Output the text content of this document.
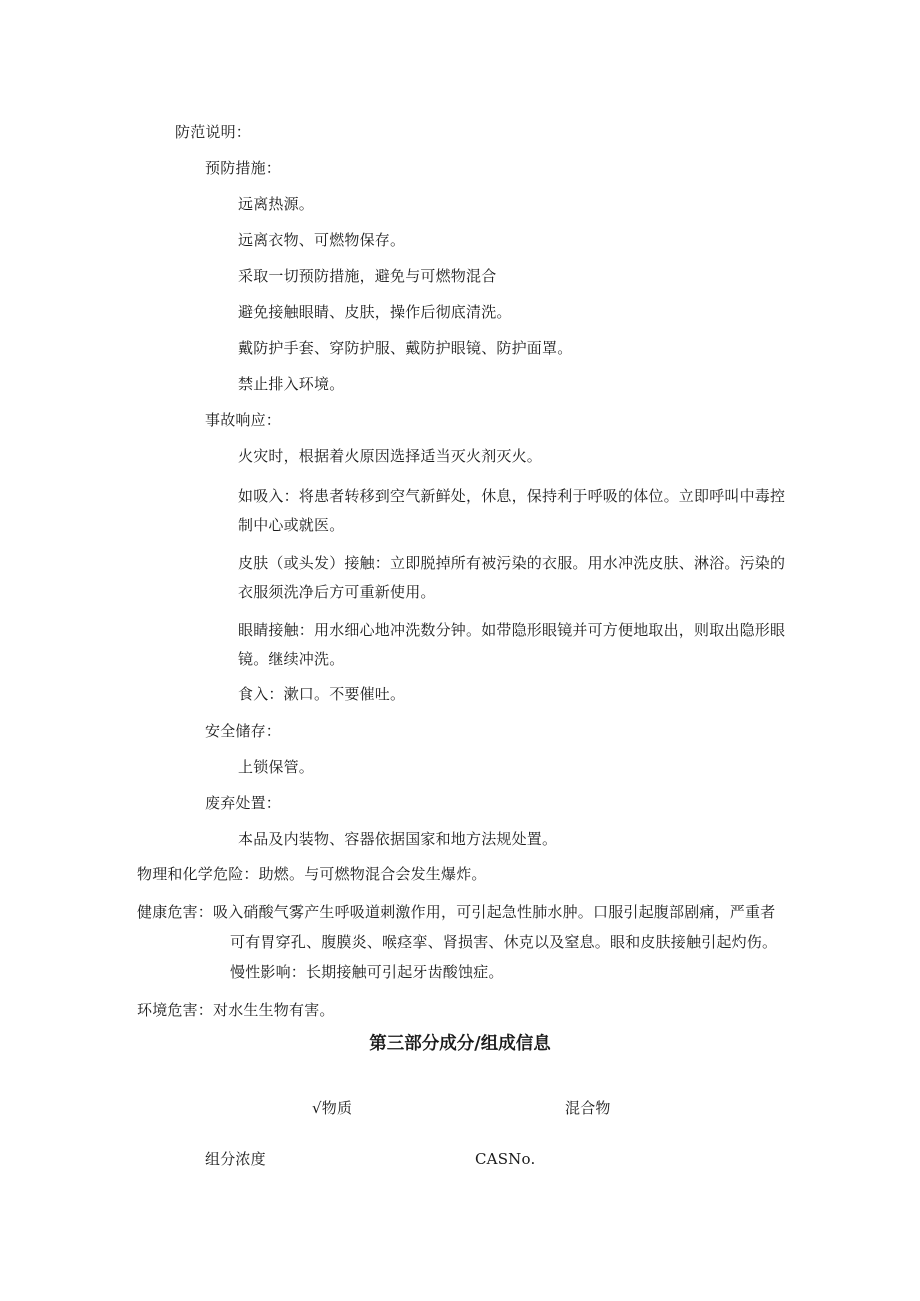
防范说明：
预防措施：
远离热源。
远离衣物、可燃物保存。
采取一切预防措施，避免与可燃物混合
避免接触眼睛、皮肤，操作后彻底清洗。
戴防护手套、穿防护服、戴防护眼镜、防护面罩。
禁止排入环境。
事故响应：
火灾时，根据着火原因选择适当灭火剂灭火。
如吸入：将患者转移到空气新鲜处，休息，保持利于呼吸的体位。立即呼叫中毒控制中心或就医。
皮肤（或头发）接触：立即脱掉所有被污染的衣服。用水冲洗皮肤、淋浴。污染的衣服须洗净后方可重新使用。
眼睛接触：用水细心地冲洗数分钟。如带隐形眼镜并可方便地取出，则取出隐形眼镜。继续冲洗。
食入：漱口。不要催吐。
安全储存：
上锁保管。
废弃处置：
本品及内装物、容器依据国家和地方法规处置。
物理和化学危险：助燃。与可燃物混合会发生爆炸。
健康危害：吸入硝酸气雾产生呼吸道刺激作用，可引起急性肺水肿。口服引起腹部剧痛，严重者
可有胃穿孔、腹膜炎、喉痉挛、肾损害、休克以及窒息。眼和皮肤接触引起灼伤。
慢性影响：长期接触可引起牙齿酸蚀症。
环境危害：对水生生物有害。
第三部分成分/组成信息
√物质	混合物
组分浓度	CASNo.
